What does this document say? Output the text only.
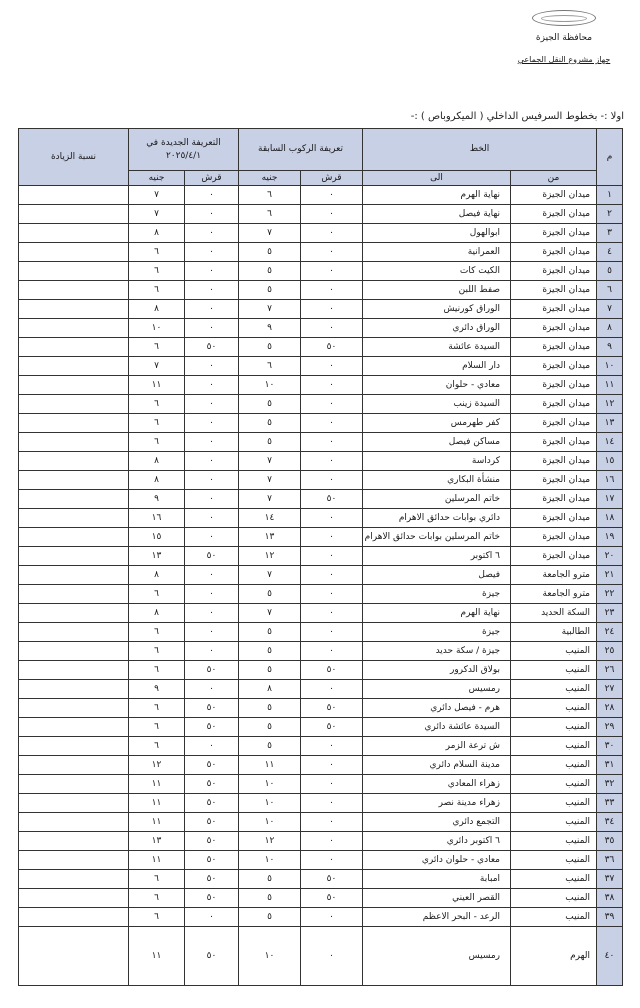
محافظة الجيزة
جهاز مشروع النقل الجماعي
اولا :- بخطوط السرفيس الداخلي ( الميكروباص ) :-
م	الخط		تعريفة الركوب السابقة		التعريفة الجديدة في ٢٠٢٥/٤/١		نسبة الزيادة
	من	الى	قرش	جنيه	قرش	جنيه	
١	ميدان الجيزة	نهاية الهرم	٠	٦	٠	٧	
٢	ميدان الجيزة	نهاية فيصل	٠	٦	٠	٧	
٣	ميدان الجيزة	ابوالهول	٠	٧	٠	٨	
٤	ميدان الجيزة	العمرانية	٠	٥	٠	٦	
٥	ميدان الجيزة	الكيت كات	٠	٥	٠	٦	
٦	ميدان الجيزة	صفط اللبن	٠	٥	٠	٦	
٧	ميدان الجيزة	الوراق كورنيش	٠	٧	٠	٨	
٨	ميدان الجيزة	الوراق دائري	٠	٩	٠	١٠	
٩	ميدان الجيزة	السيدة عائشة	٥٠	٥	٥٠	٦	
١٠	ميدان الجيزة	دار السلام	٠	٦	٠	٧	
١١	ميدان الجيزة	معادي - حلوان	٠	١٠	٠	١١	
١٢	ميدان الجيزة	السيدة زينب	٠	٥	٠	٦	
١٣	ميدان الجيزة	كفر طهرمس	٠	٥	٠	٦	
١٤	ميدان الجيزة	مساكن فيصل	٠	٥	٠	٦	
١٥	ميدان الجيزة	كرداسة	٠	٧	٠	٨	
١٦	ميدان الجيزة	منشأة البكاري	٠	٧	٠	٨	
١٧	ميدان الجيزة	خاتم المرسلين	٥٠	٧	٠	٩	
١٨	ميدان الجيزة	دائري بوابات حدائق الاهرام	٠	١٤	٠	١٦	
١٩	ميدان الجيزة	خاتم المرسلين بوابات حدائق الاهرام	٠	١٣	٠	١٥	
٢٠	ميدان الجيزة	٦ اكتوبر	٠	١٢	٥٠	١٣	
٢١	مترو الجامعة	فيصل	٠	٧	٠	٨	
٢٢	مترو الجامعة	جيزة	٠	٥	٠	٦	
٢٣	السكة الحديد	نهاية الهرم	٠	٧	٠	٨	
٢٤	الطالبية	جيزة	٠	٥	٠	٦	
٢٥	المنيب	جيزة / سكة حديد	٠	٥	٠	٦	
٢٦	المنيب	بولاق الدكرور	٥٠	٥	٥٠	٦	
٢٧	المنيب	رمسيس	٠	٨	٠	٩	
٢٨	المنيب	هرم - فيصل دائري	٥٠	٥	٥٠	٦	
٢٩	المنيب	السيدة عائشة دائري	٥٠	٥	٥٠	٦	
٣٠	المنيب	ش ترعة الزمر	٠	٥	٠	٦	
٣١	المنيب	مدينة السلام دائري	٠	١١	٥٠	١٢	
٣٢	المنيب	زهراء المعادي	٠	١٠	٥٠	١١	
٣٣	المنيب	زهراء مدينة نصر	٠	١٠	٥٠	١١	
٣٤	المنيب	التجمع دائري	٠	١٠	٥٠	١١	
٣٥	المنيب	٦ اكتوبر دائري	٠	١٢	٥٠	١٣	
٣٦	المنيب	معادي - حلوان دائري	٠	١٠	٥٠	١١	
٣٧	المنيب	امبابة	٥٠	٥	٥٠	٦	
٣٨	المنيب	القصر العيني	٥٠	٥	٥٠	٦	
٣٩	المنيب	الرعد - البحر الاعظم	٠	٥	٠	٦	
٤٠	الهرم	رمسيس	٠	١٠	٥٠	١١	
